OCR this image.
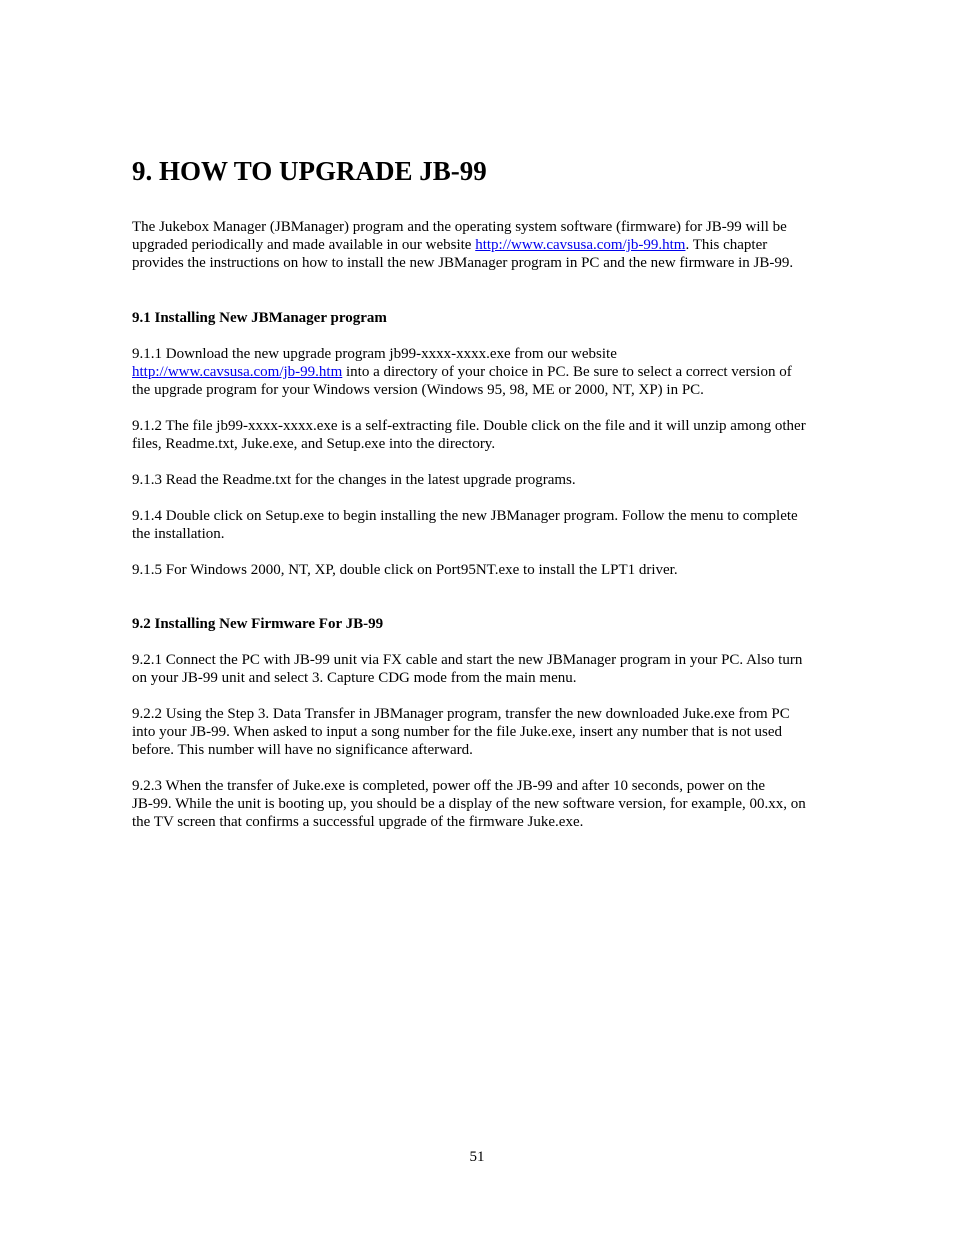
9. HOW TO UPGRADE JB-99

The Jukebox Manager (JBManager) program and the operating system software (firmware) for JB-99 will be
upgraded periodically and made available in our website http://www.cavsusa.com/jb-99.htm. This chapter
provides the instructions on how to install the new JBManager program in PC and the new firmware in JB-99.

9.1 Installing New JBManager program

9.1.1 Download the new upgrade program jb99-xxxx-xxxx.exe from our website
http://www.cavsusa.com/jb-99.htm into a directory of your choice in PC. Be sure to select a correct version of
the upgrade program for your Windows version (Windows 95, 98, ME or 2000, NT, XP) in PC.

9.1.2 The file jb99-xxxx-xxxx.exe is a self-extracting file. Double click on the file and it will unzip among other
files, Readme.txt, Juke.exe, and Setup.exe into the directory.

9.1.3 Read the Readme.txt for the changes in the latest upgrade programs.

9.1.4 Double click on Setup.exe to begin installing the new JBManager program. Follow the menu to complete
the installation.

9.1.5 For Windows 2000, NT, XP, double click on Port95NT.exe to install the LPT1 driver.

9.2 Installing New Firmware For JB-99

9.2.1 Connect the PC with JB-99 unit via FX cable and start the new JBManager program in your PC. Also turn
on your JB-99 unit and select 3. Capture CDG mode from the main menu.

9.2.2 Using the Step 3. Data Transfer in JBManager program, transfer the new downloaded Juke.exe from PC
into your JB-99. When asked to input a song number for the file Juke.exe, insert any number that is not used
before. This number will have no significance afterward.

9.2.3 When the transfer of Juke.exe is completed, power off the JB-99 and after 10 seconds, power on the
JB-99. While the unit is booting up, you should be a display of the new software version, for example, 00.xx, on
the TV screen that confirms a successful upgrade of the firmware Juke.exe.

51
